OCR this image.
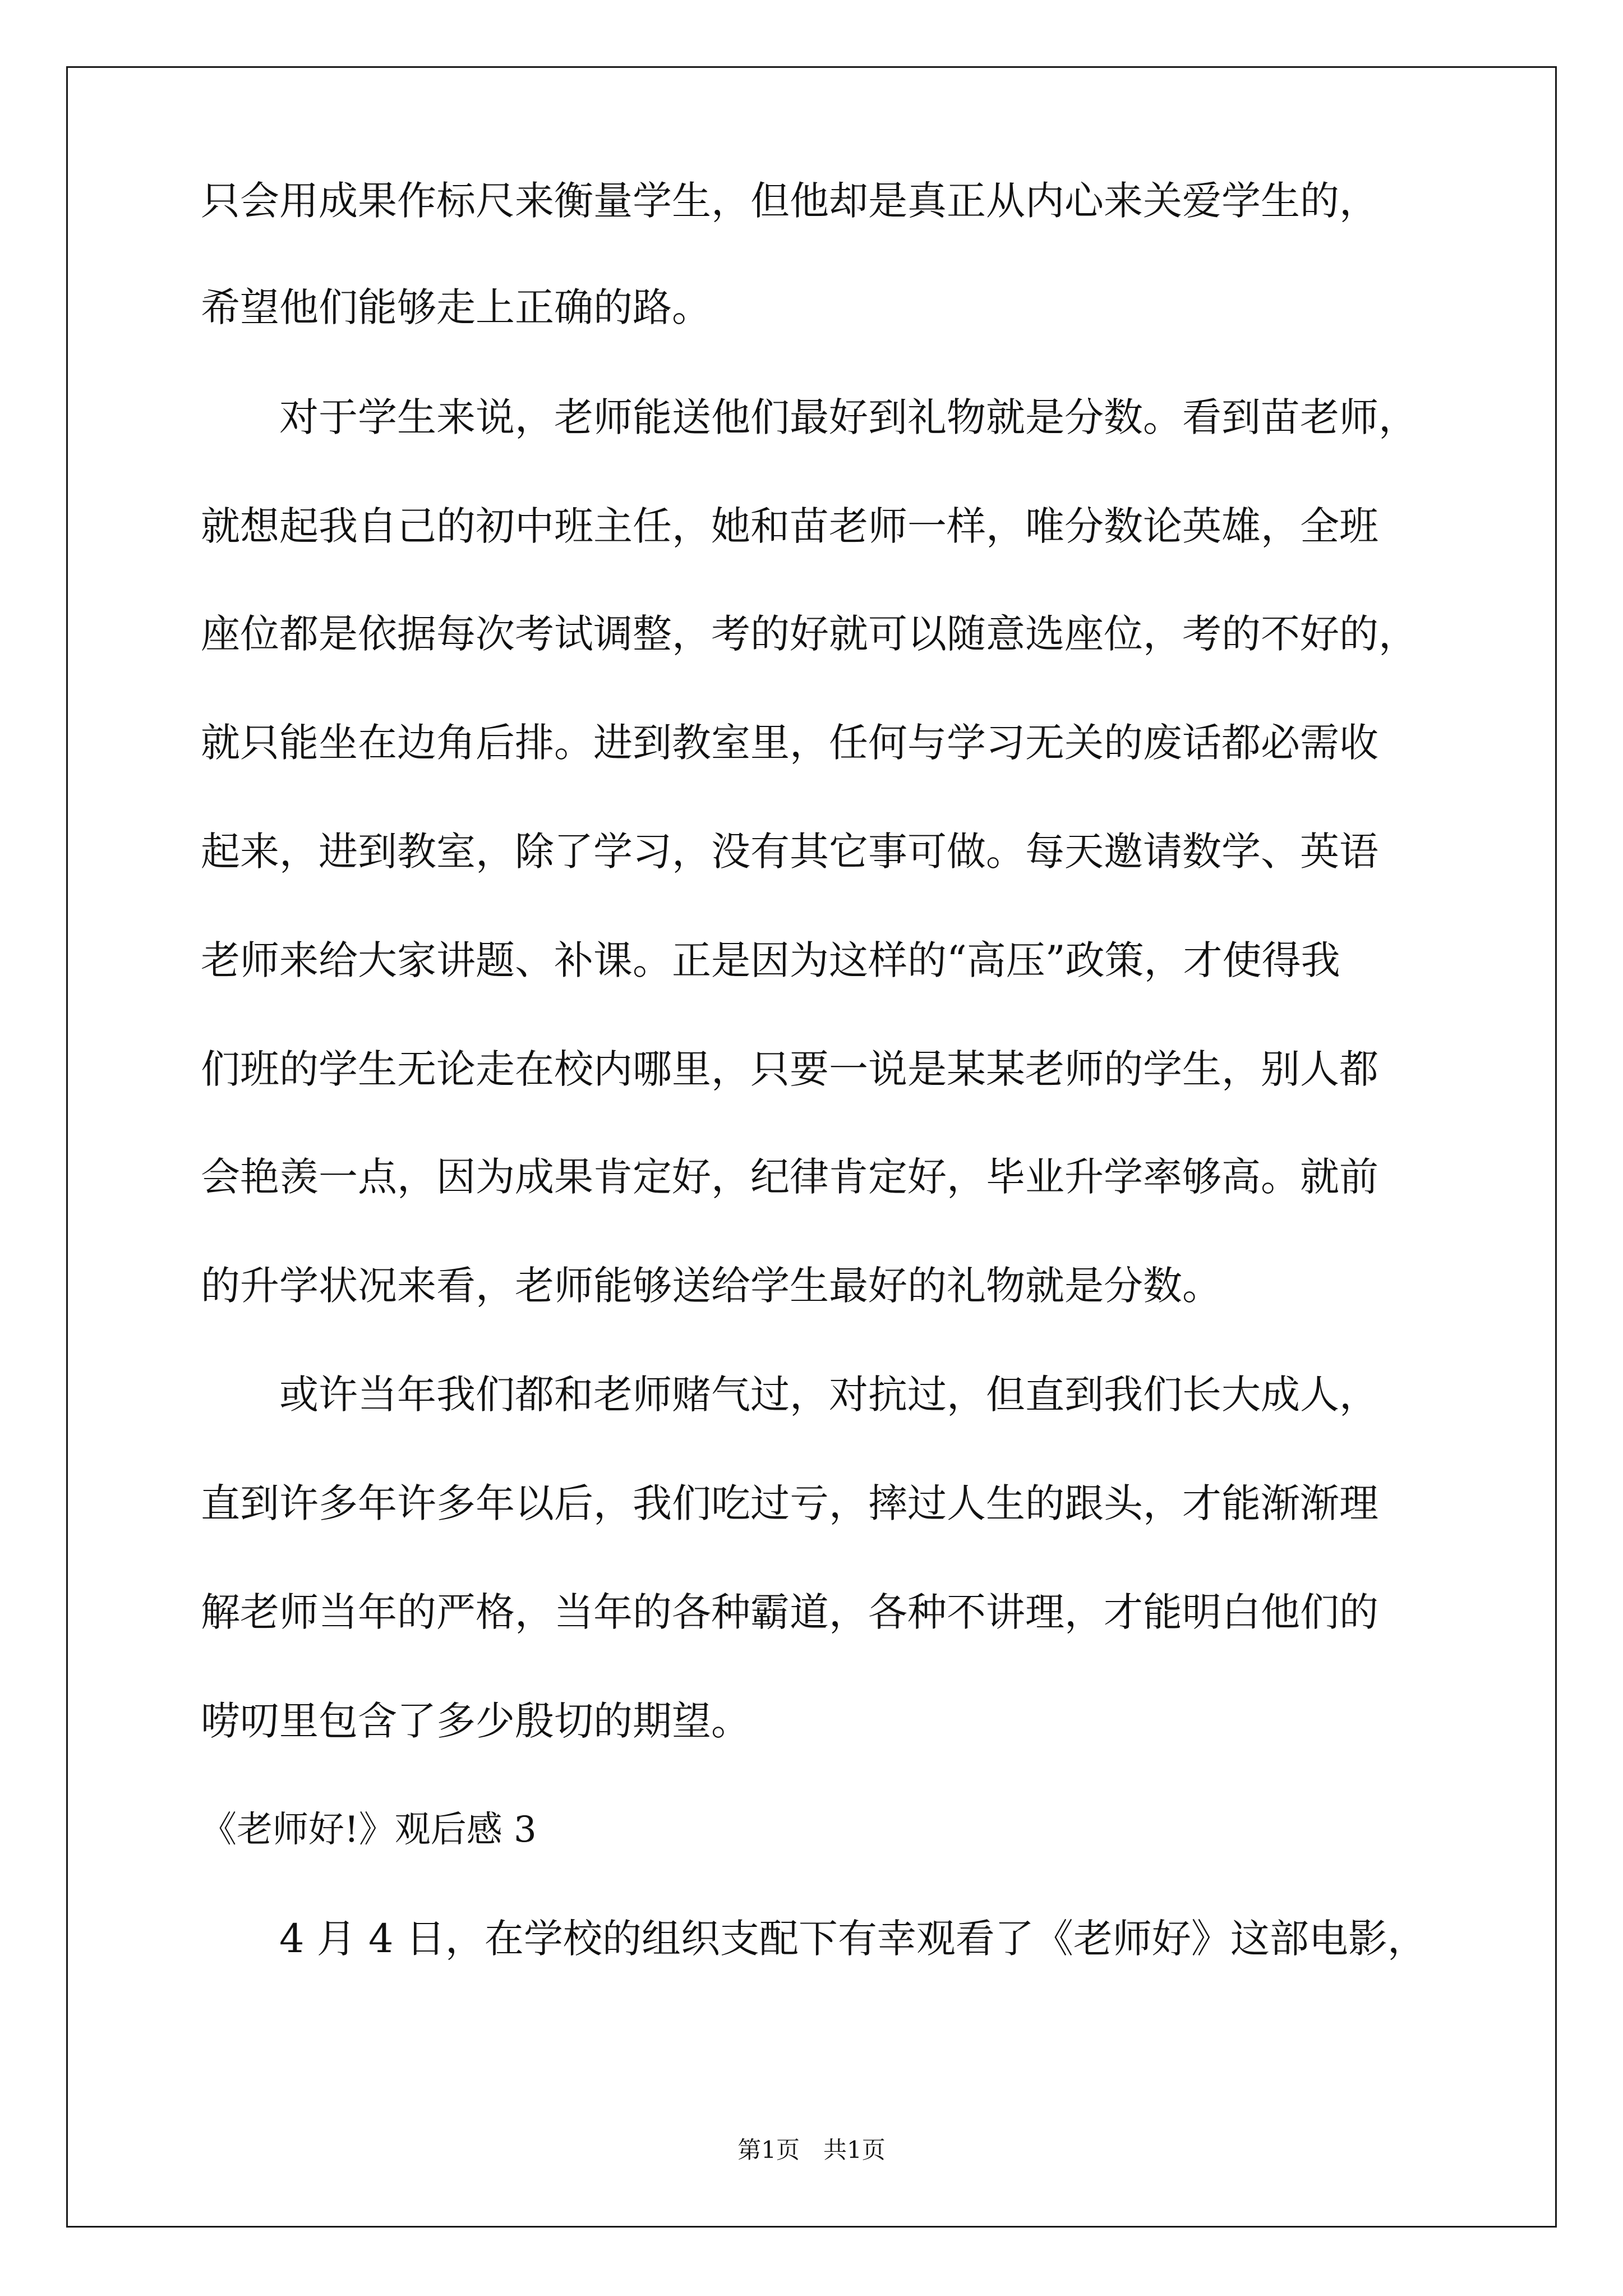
只会用成果作标尺来衡量学生，但他却是真正从内心来关爱学生的，
希望他们能够走上正确的路。
　　对于学生来说，老师能送他们最好到礼物就是分数。看到苗老师，
就想起我自己的初中班主任，她和苗老师一样，唯分数论英雄，全班
座位都是依据每次考试调整，考的好就可以随意选座位，考的不好的，
就只能坐在边角后排。进到教室里，任何与学习无关的废话都必需收
起来，进到教室，除了学习，没有其它事可做。每天邀请数学、英语
老师来给大家讲题、补课。正是因为这样的“高压”政策，才使得我
们班的学生无论走在校内哪里，只要一说是某某老师的学生，别人都
会艳羡一点，因为成果肯定好，纪律肯定好，毕业升学率够高。就前
的升学状况来看，老师能够送给学生最好的礼物就是分数。
　　或许当年我们都和老师赌气过，对抗过，但直到我们长大成人，
直到许多年许多年以后，我们吃过亏，摔过人生的跟头，才能渐渐理
解老师当年的严格，当年的各种霸道，各种不讲理，才能明白他们的
唠叨里包含了多少殷切的期望。
《老师好!》观后感 3
　　4 月 4 日，在学校的组织支配下有幸观看了《老师好》这部电影，
第1页　共1页
